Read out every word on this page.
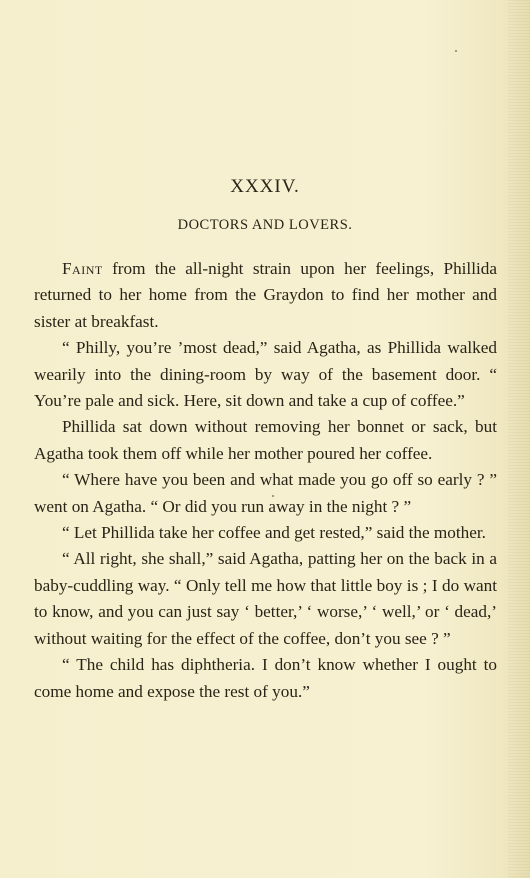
XXXIV.
DOCTORS AND LOVERS.

Faint from the all-night strain upon her feelings, Phillida returned to her home from the Graydon to find her mother and sister at breakfast.

“ Philly, you’re ’most dead,” said Agatha, as Phillida walked wearily into the dining-room by way of the basement door. “ You’re pale and sick. Here, sit down and take a cup of coffee.”

Phillida sat down without removing her bonnet or sack, but Agatha took them off while her mother poured her coffee.

“ Where have you been and what made you go off so early ? ” went on Agatha. “ Or did you run away in the night ? ”

“ Let Phillida take her coffee and get rested,” said the mother.

“ All right, she shall,” said Agatha, patting her on the back in a baby-cuddling way. “ Only tell me how that little boy is ; I do want to know, and you can just say ‘ better,’ ‘ worse,’ ‘ well,’ or ‘ dead,’ without waiting for the effect of the coffee, don’t you see ? ”

“ The child has diphtheria. I don’t know whether I ought to come home and expose the rest of you.”
